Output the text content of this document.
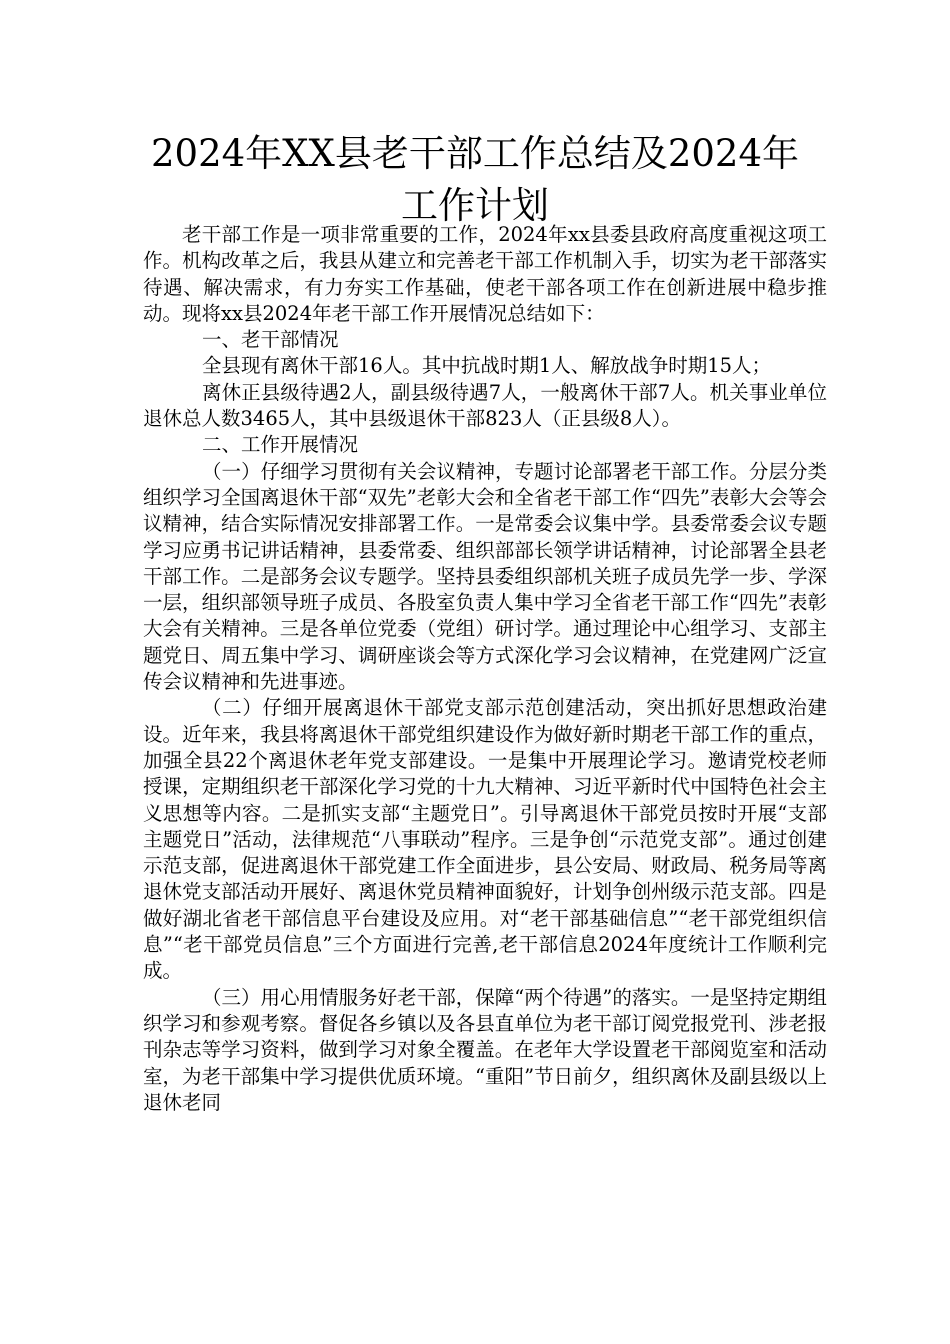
2024年XX县老干部工作总结及2024年工作计划

老干部工作是一项非常重要的工作，2024年xx县委县政府高度重视这项工作。机构改革之后，我县从建立和完善老干部工作机制入手，切实为老干部落实待遇、解决需求，有力夯实工作基础，使老干部各项工作在创新进展中稳步推动。现将xx县2024年老干部工作开展情况总结如下：

一、老干部情况

全县现有离休干部16人。其中抗战时期1人、解放战争时期15人；

离休正县级待遇2人，副县级待遇7人，一般离休干部7人。机关事业单位退休总人数3465人，其中县级退休干部823人（正县级8人）。

二、工作开展情况

（一）仔细学习贯彻有关会议精神，专题讨论部署老干部工作。分层分类组织学习全国离退休干部“双先”老彰大会和全省老干部工作“四先”表彰大会等会议精神，结合实际情况安排部署工作。一是常委会议集中学。县委常委会议专题学习应勇书记讲话精神，县委常委、组织部部长领学讲话精神，讨论部署全县老干部工作。二是部务会议专题学。坚持县委组织部机关班子成员先学一步、学深一层，组织部领导班子成员、各股室负责人集中学习全省老干部工作“四先”表彰大会有关精神。三是各单位党委（党组）研讨学。通过理论中心组学习、支部主题党日、周五集中学习、调研座谈会等方式深化学习会议精神，在党建网广泛宣传会议精神和先进事迹。

（二）仔细开展离退休干部党支部示范创建活动，突出抓好思想政治建设。近年来，我县将离退休干部党组织建设作为做好新时期老干部工作的重点，加强全县22个离退休老年党支部建设。一是集中开展理论学习。邀请党校老师授课，定期组织老干部深化学习党的十九大精神、习近平新时代中国特色社会主义思想等内容。二是抓实支部“主题党日”。引导离退休干部党员按时开展“支部主题党日”活动，法律规范“八事联动”程序。三是争创“示范党支部”。通过创建示范支部，促进离退休干部党建工作全面进步，县公安局、财政局、税务局等离退休党支部活动开展好、离退休党员精神面貌好，计划争创州级示范支部。四是做好湖北省老干部信息平台建设及应用。对“老干部基础信息”“老干部党组织信息”“老干部党员信息”三个方面进行完善,老干部信息2024年度统计工作顺利完成。

（三）用心用情服务好老干部，保障“两个待遇”的落实。一是坚持定期组织学习和参观考察。督促各乡镇以及各县直单位为老干部订阅党报党刊、涉老报刊杂志等学习资料，做到学习对象全覆盖。在老年大学设置老干部阅览室和活动室，为老干部集中学习提供优质环境。“重阳”节日前夕，组织离休及副县级以上退休老同
